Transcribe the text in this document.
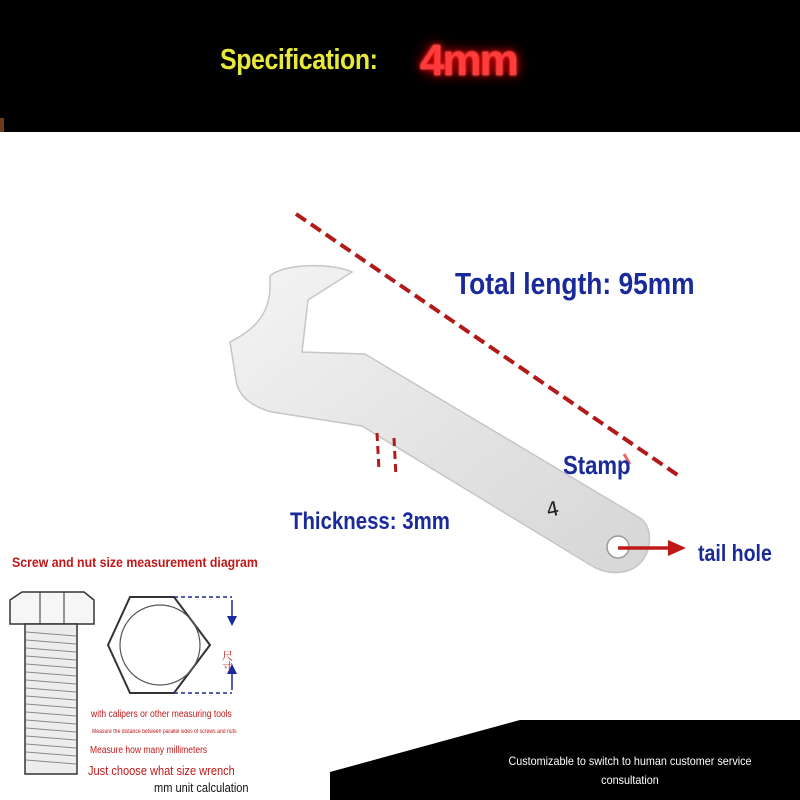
Specification: 4mm
4
尺寸
Total length: 95mm
Stamp
Thickness: 3mm
tail hole
Screw and nut size measurement diagram
with calipers or other measuring tools
Measure the distance between parallel sides of screws and nuts
Measure how many millimeters
Just choose what size wrench
mm unit calculation
Customizable to switch to human customer service consultation
